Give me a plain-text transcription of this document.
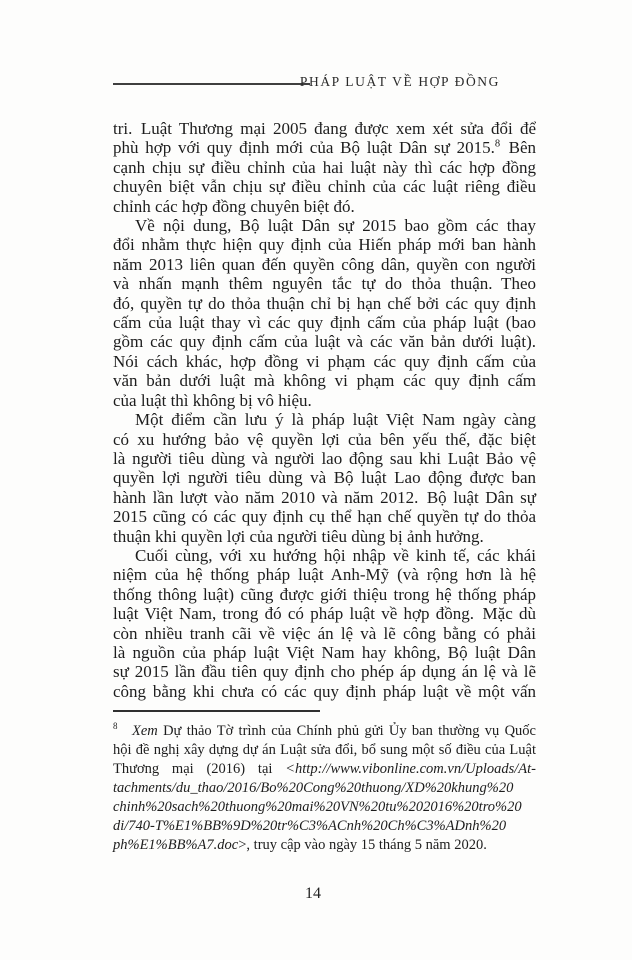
PHÁP LUẬT VỀ HỢP ĐỒNG
tri. Luật Thương mại 2005 đang được xem xét sửa đổi để
phù hợp với quy định mới của Bộ luật Dân sự 2015.$^8$ Bên
cạnh chịu sự điều chỉnh của hai luật này thì các hợp đồng
chuyên biệt vẫn chịu sự điều chỉnh của các luật riêng điều
chỉnh các hợp đồng chuyên biệt đó.
Về nội dung, Bộ luật Dân sự 2015 bao gồm các thay
đổi nhằm thực hiện quy định của Hiến pháp mới ban hành
năm 2013 liên quan đến quyền công dân, quyền con người
và nhấn mạnh thêm nguyên tắc tự do thỏa thuận. Theo
đó, quyền tự do thỏa thuận chỉ bị hạn chế bởi các quy định
cấm của luật thay vì các quy định cấm của pháp luật (bao
gồm các quy định cấm của luật và các văn bản dưới luật).
Nói cách khác, hợp đồng vi phạm các quy định cấm của
văn bản dưới luật mà không vi phạm các quy định cấm
của luật thì không bị vô hiệu.
Một điểm cần lưu ý là pháp luật Việt Nam ngày càng
có xu hướng bảo vệ quyền lợi của bên yếu thế, đặc biệt
là người tiêu dùng và người lao động sau khi Luật Bảo vệ
quyền lợi người tiêu dùng và Bộ luật Lao động được ban
hành lần lượt vào năm 2010 và năm 2012. Bộ luật Dân sự
2015 cũng có các quy định cụ thể hạn chế quyền tự do thỏa
thuận khi quyền lợi của người tiêu dùng bị ảnh hưởng.
Cuối cùng, với xu hướng hội nhập về kinh tế, các khái
niệm của hệ thống pháp luật Anh-Mỹ (và rộng hơn là hệ
thống thông luật) cũng được giới thiệu trong hệ thống pháp
luật Việt Nam, trong đó có pháp luật về hợp đồng. Mặc dù
còn nhiều tranh cãi về việc án lệ và lẽ công bằng có phải
là nguồn của pháp luật Việt Nam hay không, Bộ luật Dân
sự 2015 lần đầu tiên quy định cho phép áp dụng án lệ và lẽ
công bằng khi chưa có các quy định pháp luật về một vấn
$^8$   Xem Dự thảo Tờ trình của Chính phủ gửi Ủy ban thường vụ Quốc
hội đề nghị xây dựng dự án Luật sửa đổi, bổ sung một số điều của Luật
Thương mại (2016) tại <http://www.vibonline.com.vn/Uploads/At-
tachments/du_thao/2016/Bo%20Cong%20thuong/XD%20khung%20
chinh%20sach%20thuong%20mai%20VN%20tu%202016%20tro%20
di/740-T%E1%BB%9D%20tr%C3%ACnh%20Ch%C3%ADnh%20
ph%E1%BB%A7.doc>, truy cập vào ngày 15 tháng 5 năm 2020.
14
